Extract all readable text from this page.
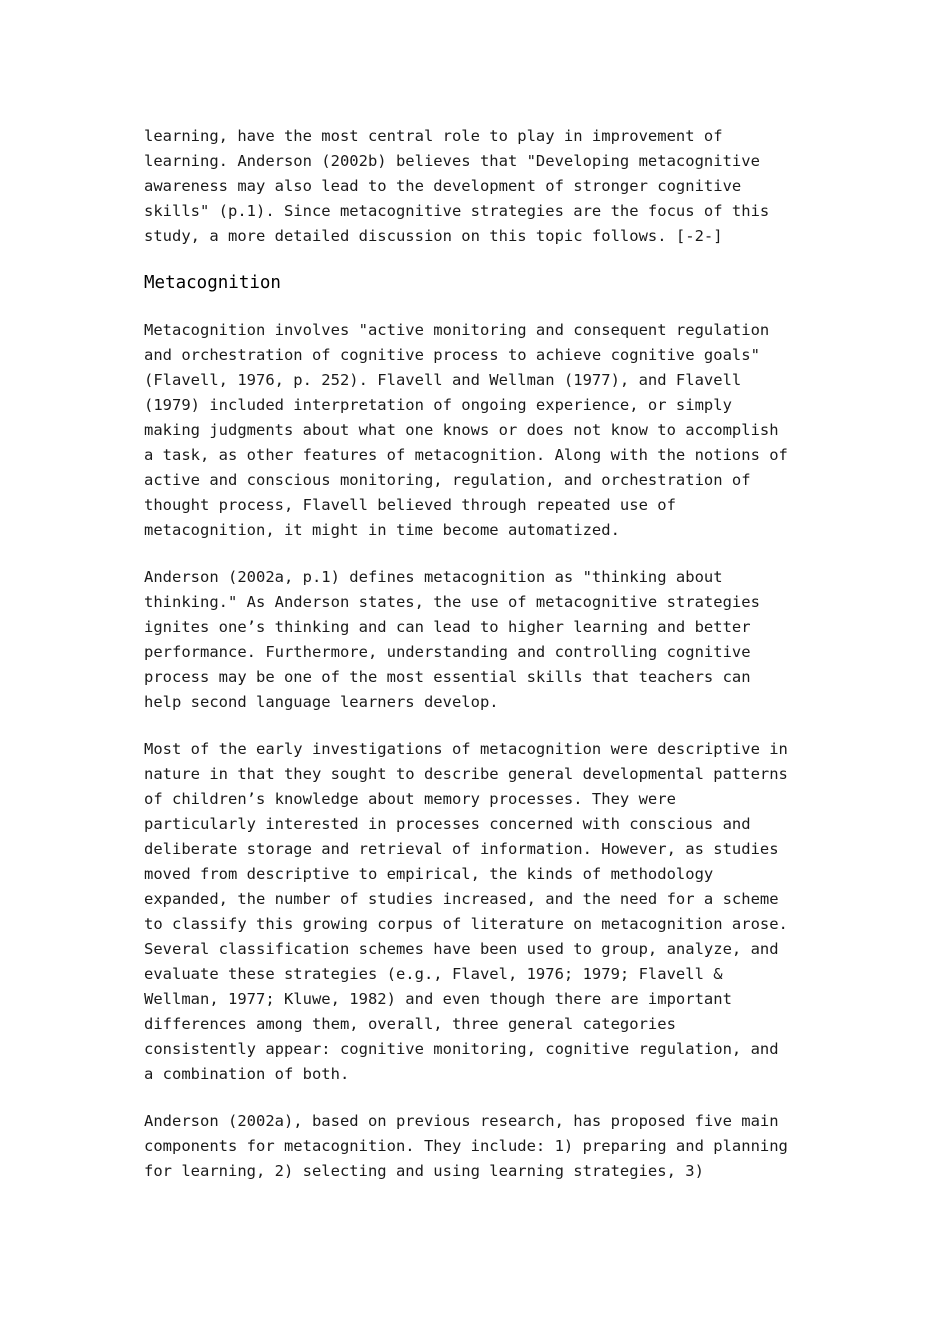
learning, have the most central role to play in improvement of
learning. Anderson (2002b) believes that "Developing metacognitive
awareness may also lead to the development of stronger cognitive
skills" (p.1). Since metacognitive strategies are the focus of this
study, a more detailed discussion on this topic follows. [-2-]
Metacognition
Metacognition involves "active monitoring and consequent regulation
and orchestration of cognitive process to achieve cognitive goals"
(Flavell, 1976, p. 252). Flavell and Wellman (1977), and Flavell
(1979) included interpretation of ongoing experience, or simply
making judgments about what one knows or does not know to accomplish
a task, as other features of metacognition. Along with the notions of
active and conscious monitoring, regulation, and orchestration of
thought process, Flavell believed through repeated use of
metacognition, it might in time become automatized.
Anderson (2002a, p.1) defines metacognition as "thinking about
thinking." As Anderson states, the use of metacognitive strategies
ignites one’s thinking and can lead to higher learning and better
performance. Furthermore, understanding and controlling cognitive
process may be one of the most essential skills that teachers can
help second language learners develop.
Most of the early investigations of metacognition were descriptive in
nature in that they sought to describe general developmental patterns
of children’s knowledge about memory processes. They were
particularly interested in processes concerned with conscious and
deliberate storage and retrieval of information. However, as studies
moved from descriptive to empirical, the kinds of methodology
expanded, the number of studies increased, and the need for a scheme
to classify this growing corpus of literature on metacognition arose.
Several classification schemes have been used to group, analyze, and
evaluate these strategies (e.g., Flavel, 1976; 1979; Flavell &
Wellman, 1977; Kluwe, 1982) and even though there are important
differences among them, overall, three general categories
consistently appear: cognitive monitoring, cognitive regulation, and
a combination of both.
Anderson (2002a), based on previous research, has proposed five main
components for metacognition. They include: 1) preparing and planning
for learning, 2) selecting and using learning strategies, 3)
